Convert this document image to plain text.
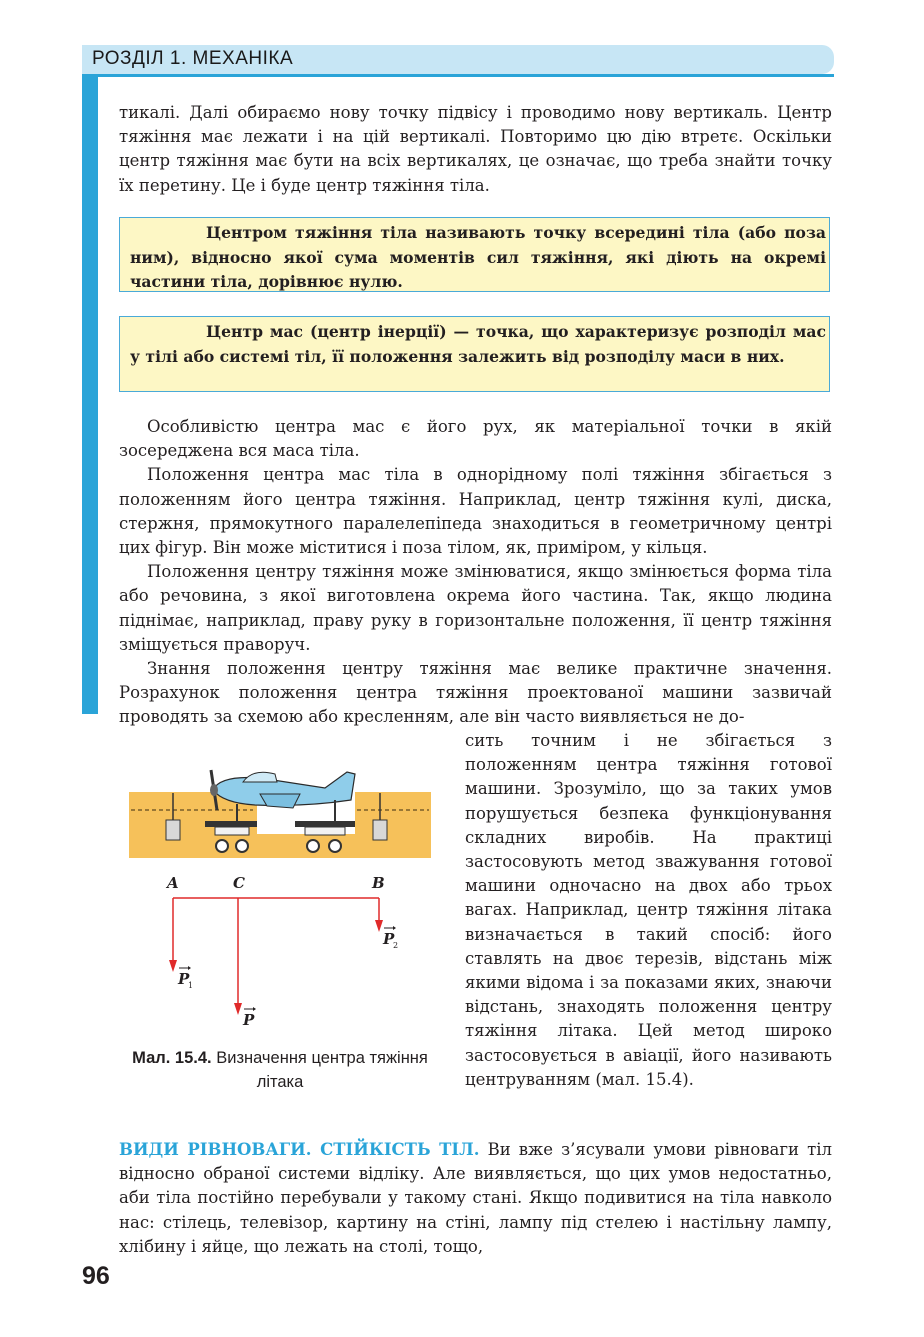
РОЗДІЛ 1. МЕХАНІКА

тикалі. Далі обираємо нову точку підвісу і проводимо нову вертикаль. Центр тяжіння має лежати і на цій вертикалі. Повторимо цю дію втретє. Оскільки центр тяжіння має бути на всіх вертикалях, це означає, що треба знайти точку їх перетину. Це і буде центр тяжіння тіла.

Центром тяжіння тіла називають точку всередині тіла (або поза ним), відносно якої сума моментів сил тяжіння, які діють на окремі частини тіла, дорівнює нулю.
Центр мас (центр інерції) — точка, що характеризує розподіл мас у тілі або системі тіл, її положення залежить від розподілу маси в них.

Особливістю центра мас є його рух, як матеріальної точки в якій зосереджена вся маса тіла.

Положення центра мас тіла в однорідному полі тяжіння збігається з положенням його центра тяжіння. Наприклад, центр тяжіння кулі, диска, стержня, прямокутного паралелепіпеда знаходиться в геометричному центрі цих фігур. Він може міститися і поза тілом, як, приміром, у кільця.

Положення центру тяжіння може змінюватися, якщо змінюється форма тіла або речовина, з якої виготовлена окрема його частина. Так, якщо людина піднімає, наприклад, праву руку в горизонтальне положення, її центр тяжіння зміщується праворуч.

Знання положення центру тяжіння має велике практичне значення. Розрахунок положення центра тяжіння проектованої машини зазвичай проводять за схемою або кресленням, але він часто виявляється не до-

сить точним і не збігається з положенням центра тяжіння готової машини. Зрозуміло, що за таких умов порушується безпека функціонування складних виробів. На практиці застосовують метод зважування готової машини одночасно на двох або трьох вагах. Наприклад, центр тяжіння літака визначається в такий спосіб: його ставлять на двоє терезів, відстань між якими відома і за показами яких, знаючи відстань, знаходять положення центру тяжіння літака. Цей метод широко застосовується в авіації, його називають центруванням (мал. 15.4).

A	C	B
P
1
P
P
2
Мал. 15.4. Визначення центра тяжіння літака

ВИДИ РІВНОВАГИ. СТІЙКІСТЬ ТІЛ. Ви вже з’ясували умови рівноваги тіл відносно обраної системи відліку. Але виявляється, що цих умов недостатньо, аби тіла постійно перебували у такому стані. Якщо подивитися на тіла навколо нас: стілець, телевізор, картину на стіні, лампу під стелею і настільну лампу, хлібину і яйце, що лежать на столі, тощо,

96
